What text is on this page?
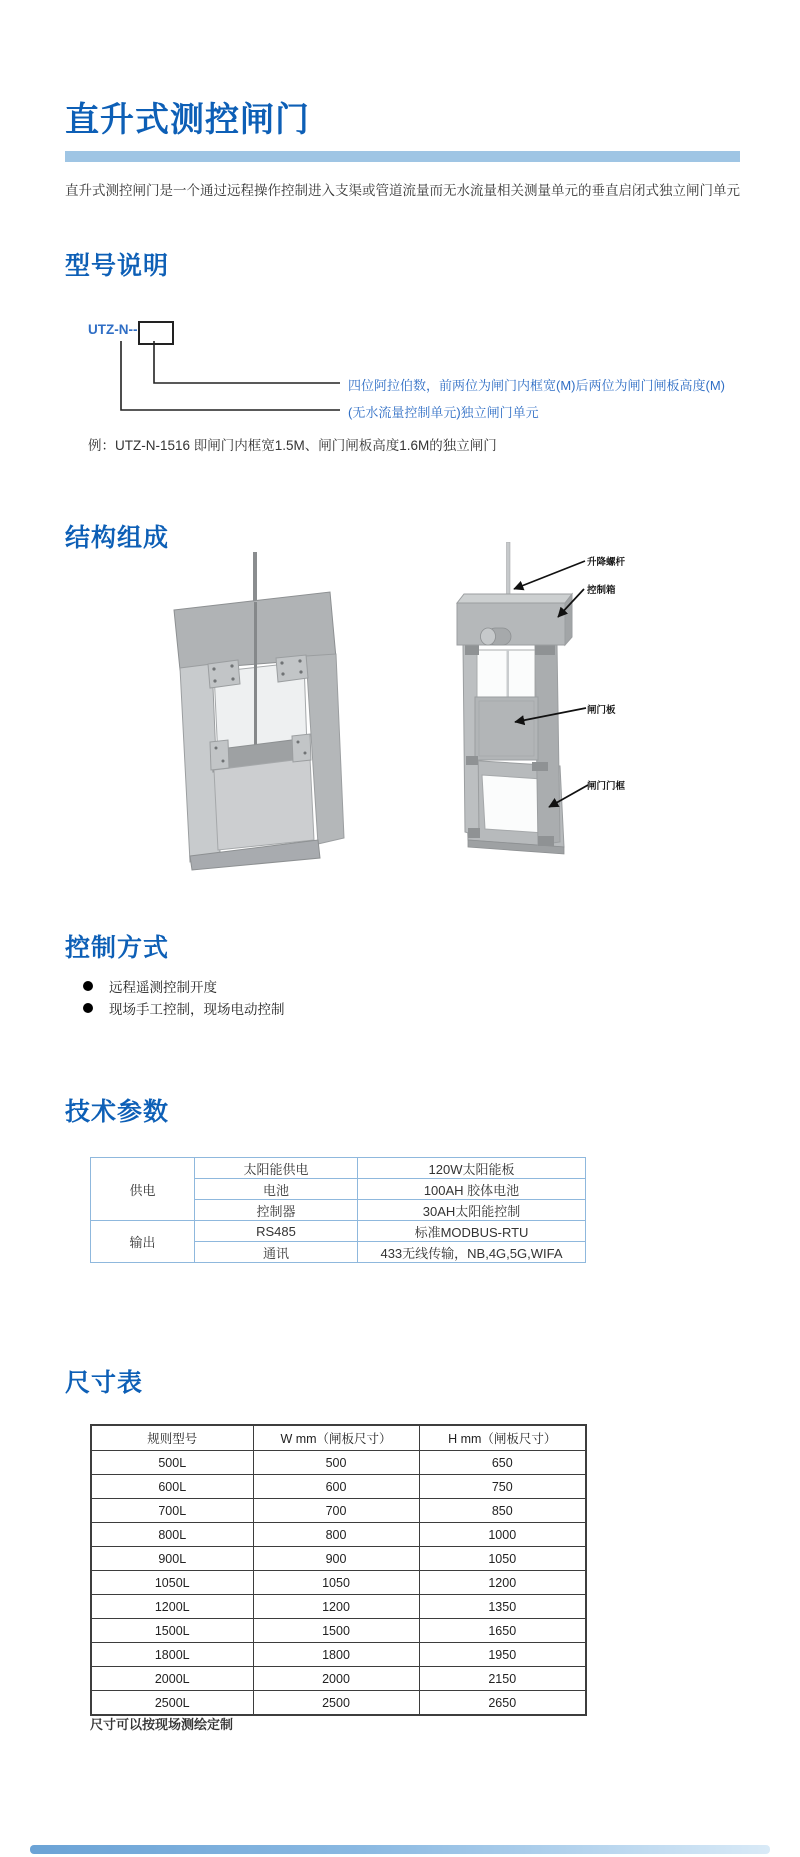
直升式测控闸门
直升式测控闸门是一个通过远程操作控制进入支渠或管道流量而无水流量相关测量单元的垂直启闭式独立闸门单元
型号说明
UTZ-N--
四位阿拉伯数，前两位为闸门内框宽(M)后两位为闸门闸板高度(M)
(无水流量控制单元)独立闸门单元
例：UTZ-N-1516 即闸门内框宽1.5M、闸门闸板高度1.6M的独立闸门
结构组成
升降螺杆
控制箱
闸门板
闸门门框
控制方式
远程遥测控制开度
现场手工控制，现场电动控制
技术参数
供电	太阳能供电	120W太阳能板
	电池	100AH 胶体电池
	控制器	30AH太阳能控制
输出	RS485	标准MODBUS-RTU
	通讯	433无线传输，NB,4G,5G,WIFA
尺寸表
规则型号	W mm（闸板尺寸）	H mm（闸板尺寸）
500L	500	650
600L	600	750
700L	700	850
800L	800	1000
900L	900	1050
1050L	1050	1200
1200L	1200	1350
1500L	1500	1650
1800L	1800	1950
2000L	2000	2150
2500L	2500	2650
尺寸可以按现场测绘定制
